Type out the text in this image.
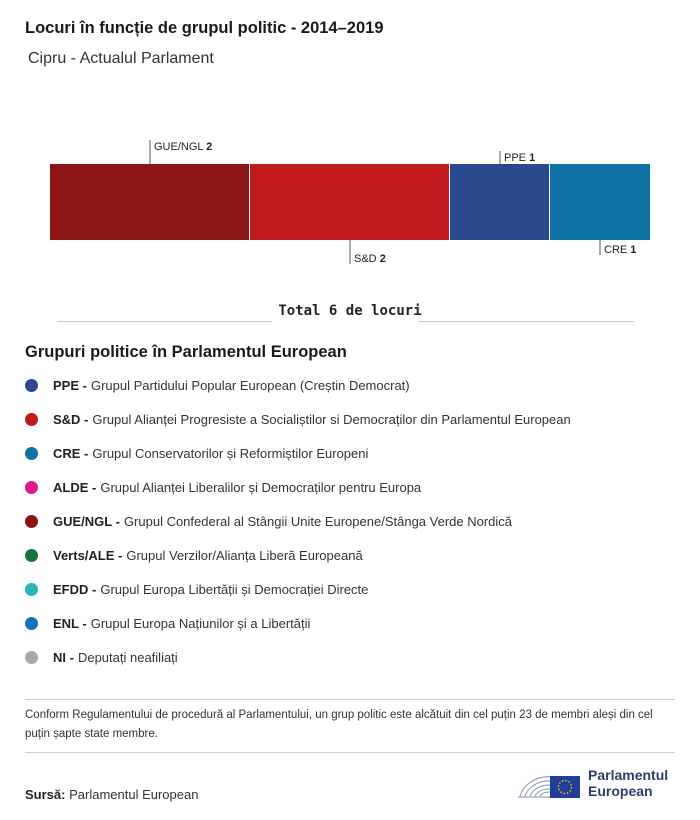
Locuri în funcție de grupul politic - 2014–2019
Cipru - Actualul Parlament
GUE/NGL 2
S&D 2
PPE 1
CRE 1
Total 6 de locuri
Grupuri politice în Parlamentul European
PPE - Grupul Partidului Popular European (Creștin Democrat)
S&D - Grupul Alianței Progresiste a Socialiștilor si Democraților din Parlamentul European
CRE - Grupul Conservatorilor și Reformiștilor Europeni
ALDE - Grupul Alianței Liberalilor și Democraților pentru Europa
GUE/NGL - Grupul Confederal al Stângii Unite Europene/Stânga Verde Nordică
Verts/ALE - Grupul Verzilor/Alianța Liberă Europeană
EFDD - Grupul Europa Libertății și Democrației Directe
ENL - Grupul Europa Națiunilor și a Libertății
NI - Deputați neafiliați
Conform Regulamentului de procedură al Parlamentului, un grup politic este alcătuit din cel puțin 23 de membri aleși din cel puțin șapte state membre.
Sursă: Parlamentul European
Parlamentul
European
